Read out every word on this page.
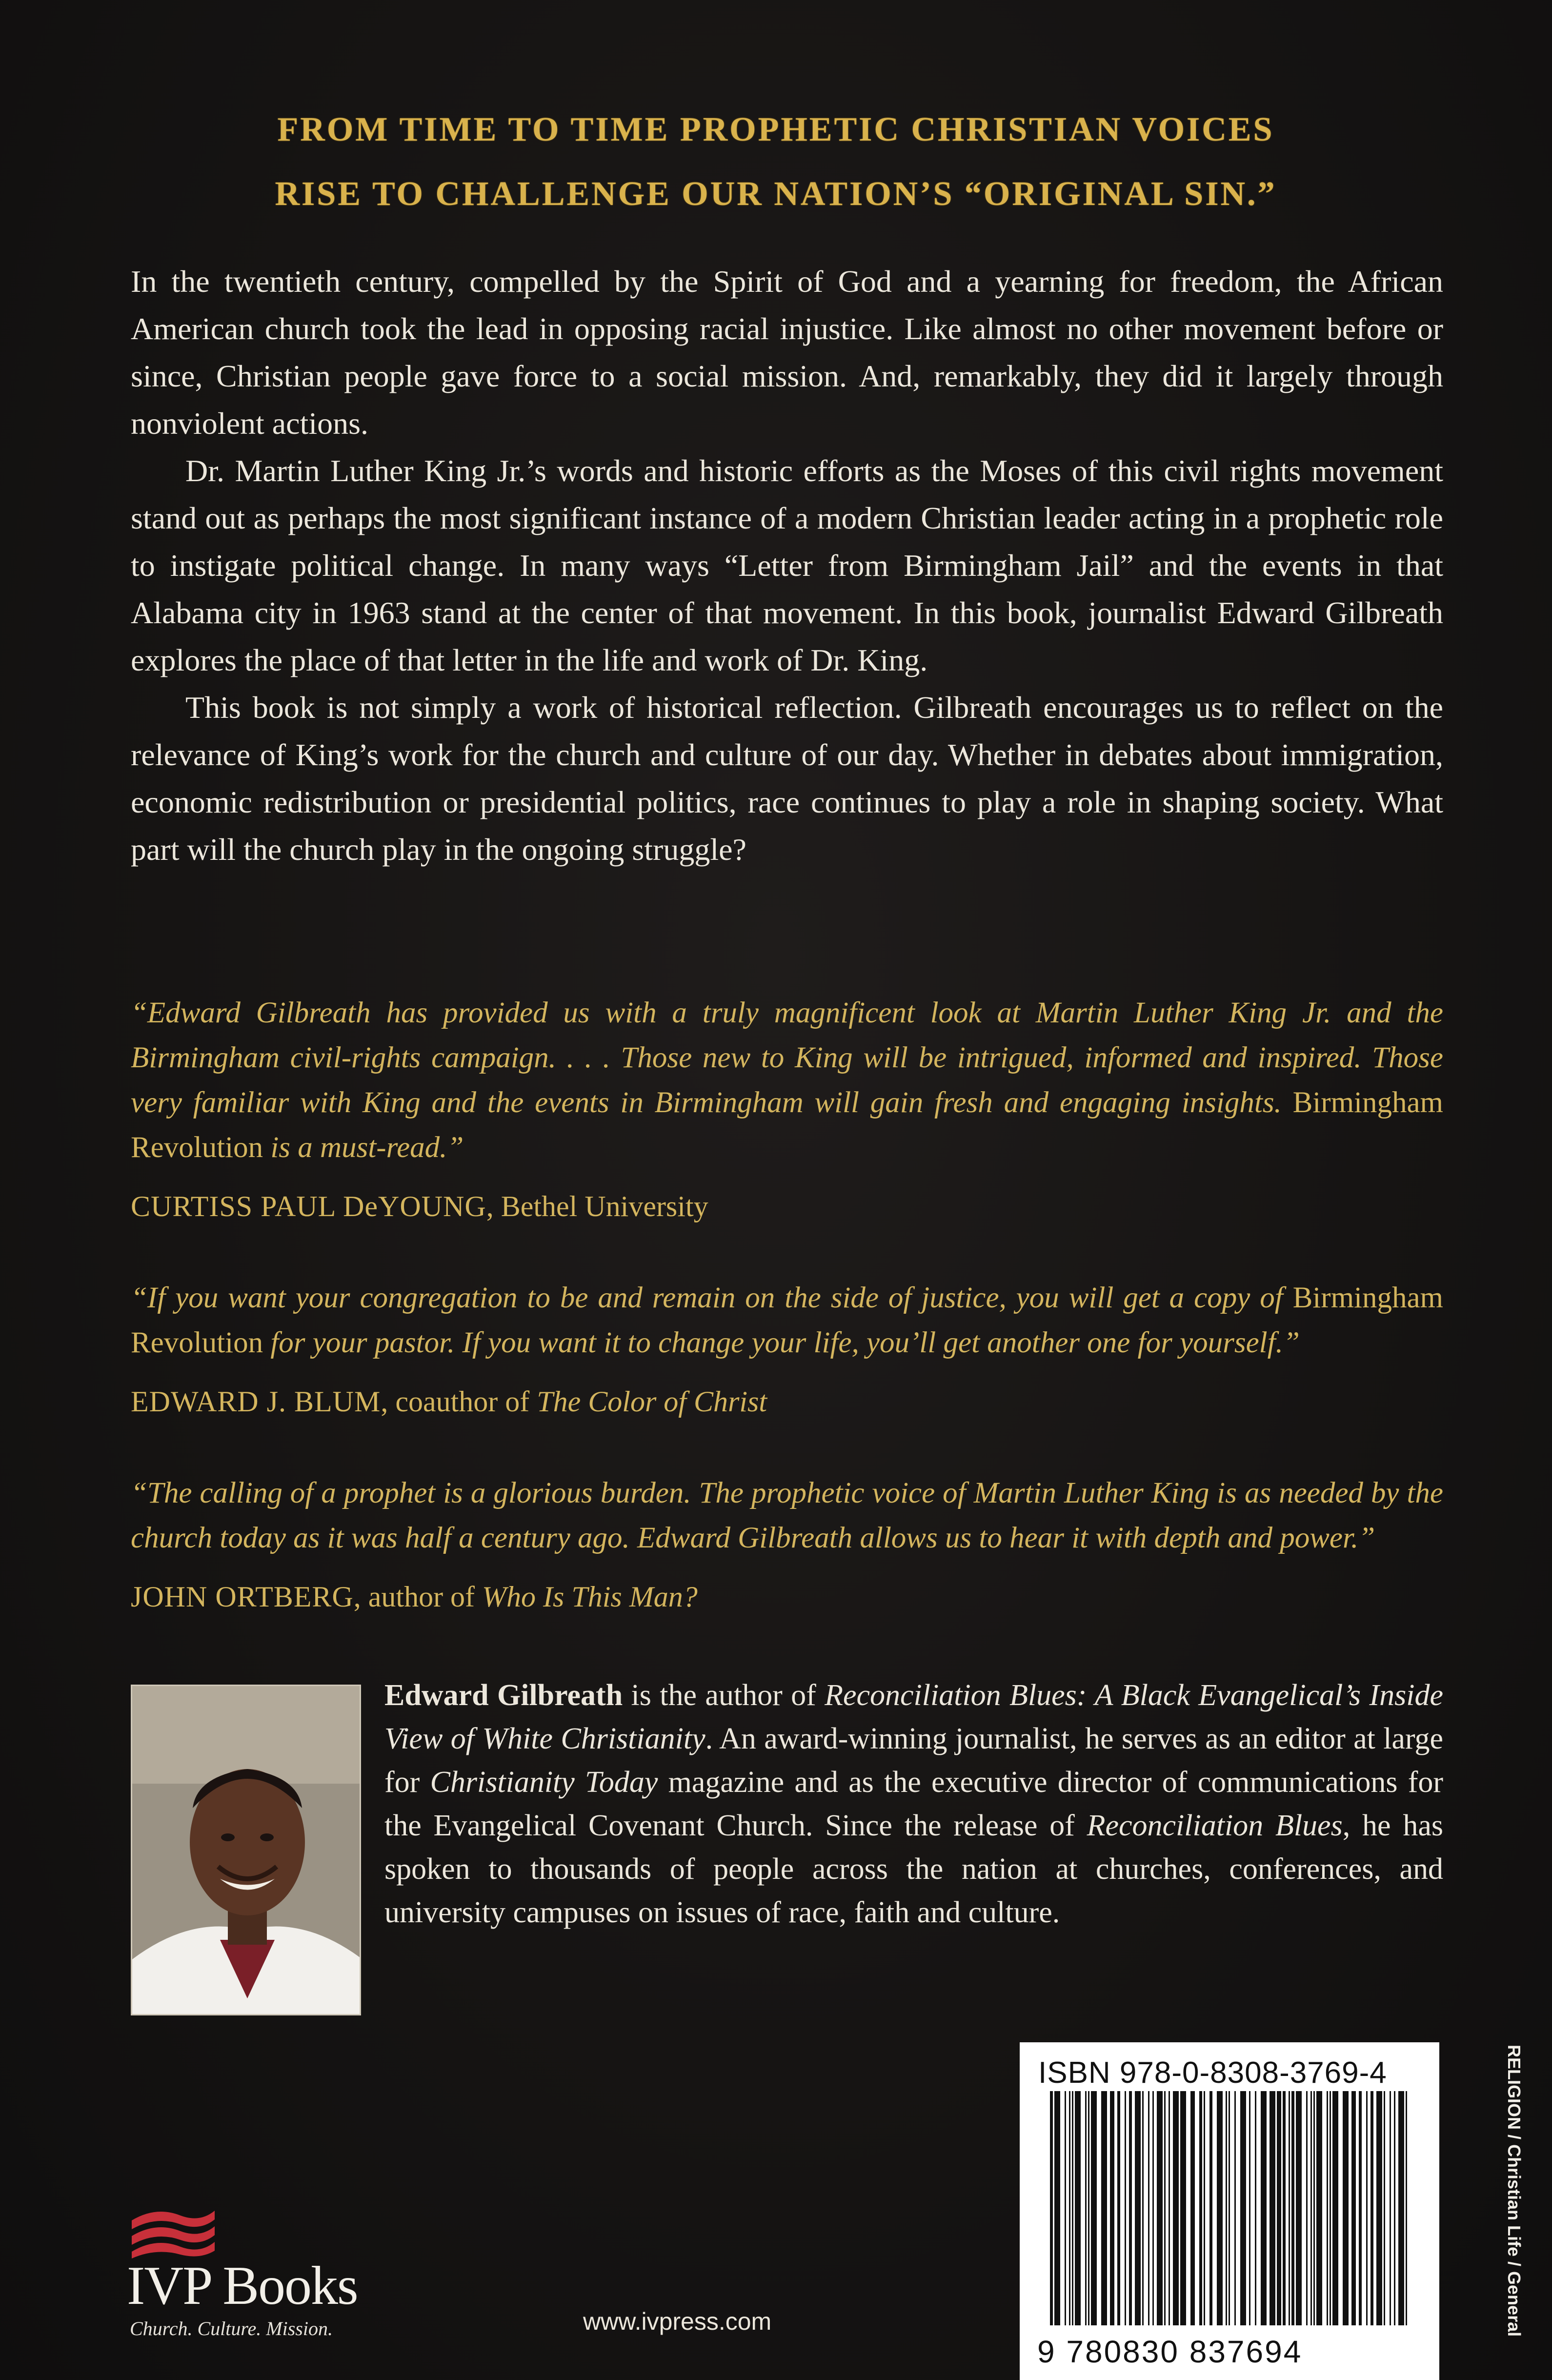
FROM TIME TO TIME PROPHETIC CHRISTIAN VOICES
RISE TO CHALLENGE OUR NATION’S “ORIGINAL SIN.”

In the twentieth century, compelled by the Spirit of God and a yearning for freedom, the African American church took the lead in opposing racial injustice. Like almost no other movement before or since, Christian people gave force to a social mission. And, remarkably, they did it largely through nonviolent actions.

Dr. Martin Luther King Jr.’s words and historic efforts as the Moses of this civil rights movement stand out as perhaps the most significant instance of a modern Christian leader acting in a prophetic role to instigate political change. In many ways “Letter from Birmingham Jail” and the events in that Alabama city in 1963 stand at the center of that movement. In this book, journalist Edward Gilbreath explores the place of that letter in the life and work of Dr. King.

This book is not simply a work of historical reflection. Gilbreath encourages us to reflect on the relevance of King’s work for the church and culture of our day. Whether in debates about immigration, economic redistribution or presidential politics, race continues to play a role in shaping society. What part will the church play in the ongoing struggle?

“Edward Gilbreath has provided us with a truly magnificent look at Martin Luther King Jr. and the Birmingham civil-rights campaign. . . . Those new to King will be intrigued, informed and inspired. Those very familiar with King and the events in Birmingham will gain fresh and engaging insights. Birmingham Revolution is a must-read.”

CURTISS PAUL DeYOUNG, Bethel University

“If you want your congregation to be and remain on the side of justice, you will get a copy of Birmingham Revolution for your pastor. If you want it to change your life, you’ll get another one for yourself.”

EDWARD J. BLUM, coauthor of The Color of Christ

“The calling of a prophet is a glorious burden. The prophetic voice of Martin Luther King is as needed by the church today as it was half a century ago. Edward Gilbreath allows us to hear it with depth and power.”

JOHN ORTBERG, author of Who Is This Man?

Edward Gilbreath is the author of Reconciliation Blues: A Black Evangelical’s Inside View of White Christianity. An award-winning journalist, he serves as an editor at large for Christianity Today magazine and as the executive director of communications for the Evangelical Covenant Church. Since the release of Reconciliation Blues, he has spoken to thousands of people across the nation at churches, conferences, and university campuses on issues of race, faith and culture.
IVP Books
Church. Culture. Mission.	www.ivpress.com
ISBN 978-0-8308-3769-4
9 780830 837694
RELIGION / Christian Life / General
